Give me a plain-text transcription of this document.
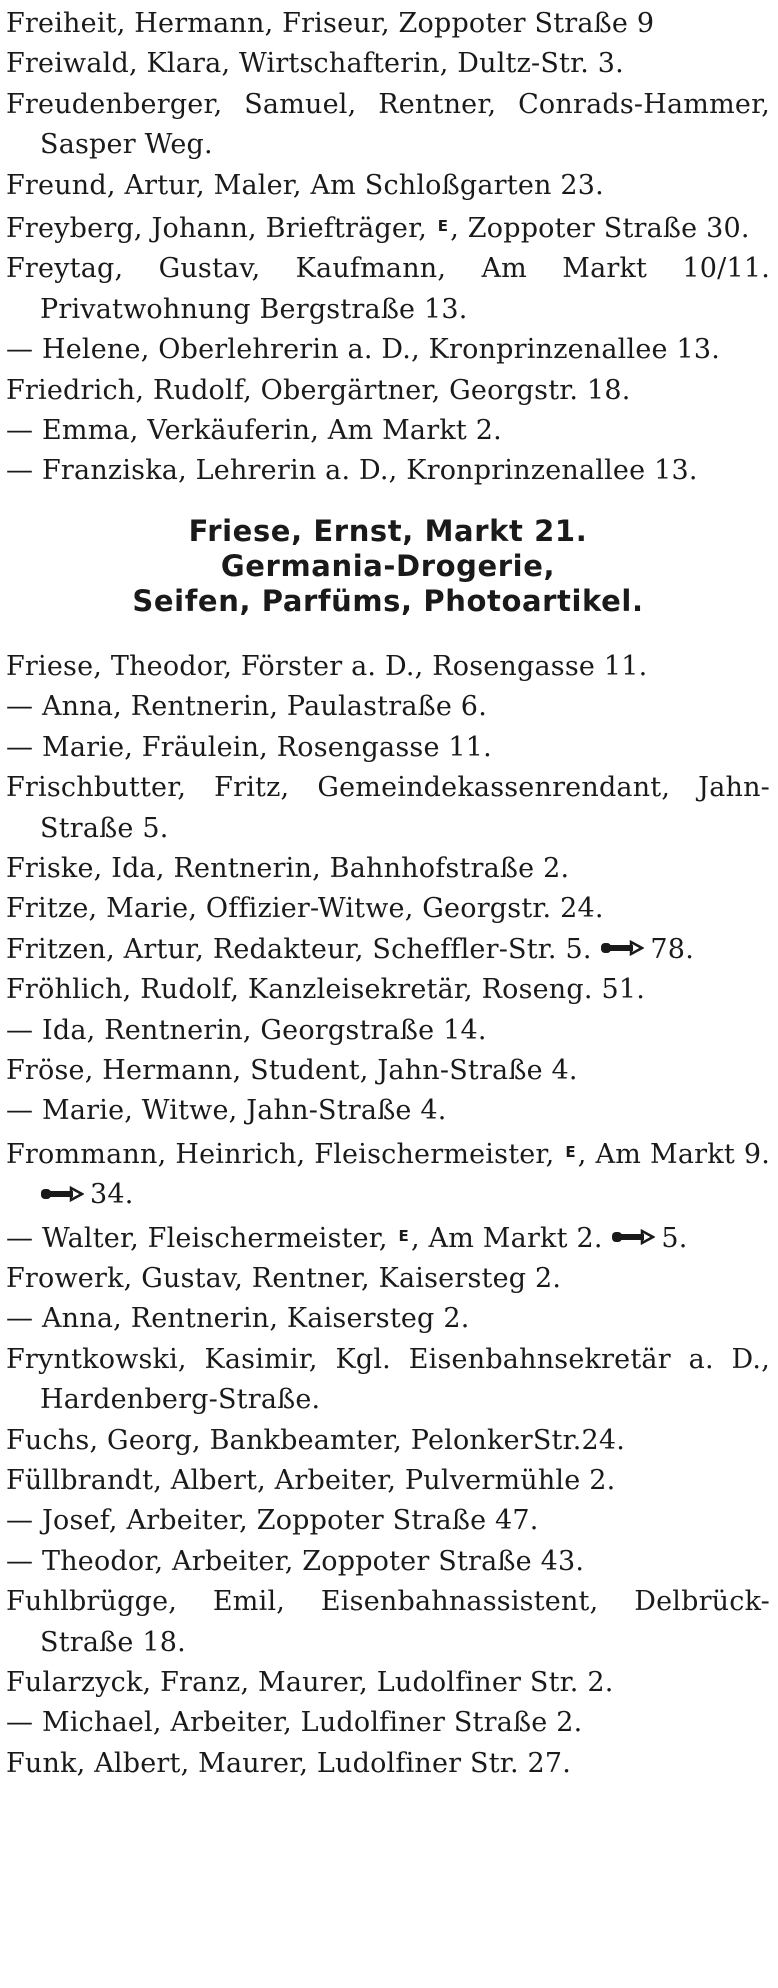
Freiheit, Hermann, Friseur, Zoppoter Straße 9

Freiwald, Klara, Wirtschafterin, Dultz-Str. 3.

Freudenberger, Samuel, Rentner, Conrads-Hammer, Sasper Weg.

Freund, Artur, Maler, Am Schloßgarten 23.

Freyberg, Johann, Briefträger, $^E$, Zoppoter Straße 30.

Freytag, Gustav, Kaufmann, Am Markt 10/11. Privatwohnung Bergstraße 13.

— Helene, Oberlehrerin a. D., Kronprinzenallee 13.

Friedrich, Rudolf, Obergärtner, Georgstr. 18.

— Emma, Verkäuferin, Am Markt 2.

— Franziska, Lehrerin a. D., Kronprinzenallee 13.

Friese, Ernst, Markt 21.
Germania-Drogerie,
Seifen, Parfüms, Photoartikel.

Friese, Theodor, Förster a. D., Rosengasse 11.

— Anna, Rentnerin, Paulastraße 6.

— Marie, Fräulein, Rosengasse 11.

Frischbutter, Fritz, Gemeindekassenrendant, Jahn-Straße 5.

Friske, Ida, Rentnerin, Bahnhofstraße 2.

Fritze, Marie, Offizier-Witwe, Georgstr. 24.

Fritzen, Artur, Redakteur, Scheffler-Str. 5.
78.

Fröhlich, Rudolf, Kanzleisekretär, Roseng. 51.

— Ida, Rentnerin, Georgstraße 14.

Fröse, Hermann, Student, Jahn-Straße 4.

— Marie, Witwe, Jahn-Straße 4.

Frommann, Heinrich, Fleischermeister, $^E$, Am Markt 9.
34.

— Walter, Fleischermeister, $^E$, Am Markt 2.
5.

Frowerk, Gustav, Rentner, Kaisersteg 2.

— Anna, Rentnerin, Kaisersteg 2.

Fryntkowski, Kasimir, Kgl. Eisenbahnsekretär a. D., Hardenberg-Straße.

Fuchs, Georg, Bankbeamter, PelonkerStr.24.

Füllbrandt, Albert, Arbeiter, Pulvermühle 2.

— Josef, Arbeiter, Zoppoter Straße 47.

— Theodor, Arbeiter, Zoppoter Straße 43.

Fuhlbrügge, Emil, Eisenbahnassistent, Delbrück-Straße 18.

Fularzyck, Franz, Maurer, Ludolfiner Str. 2.

— Michael, Arbeiter, Ludolfiner Straße 2.

Funk, Albert, Maurer, Ludolfiner Str. 27.
